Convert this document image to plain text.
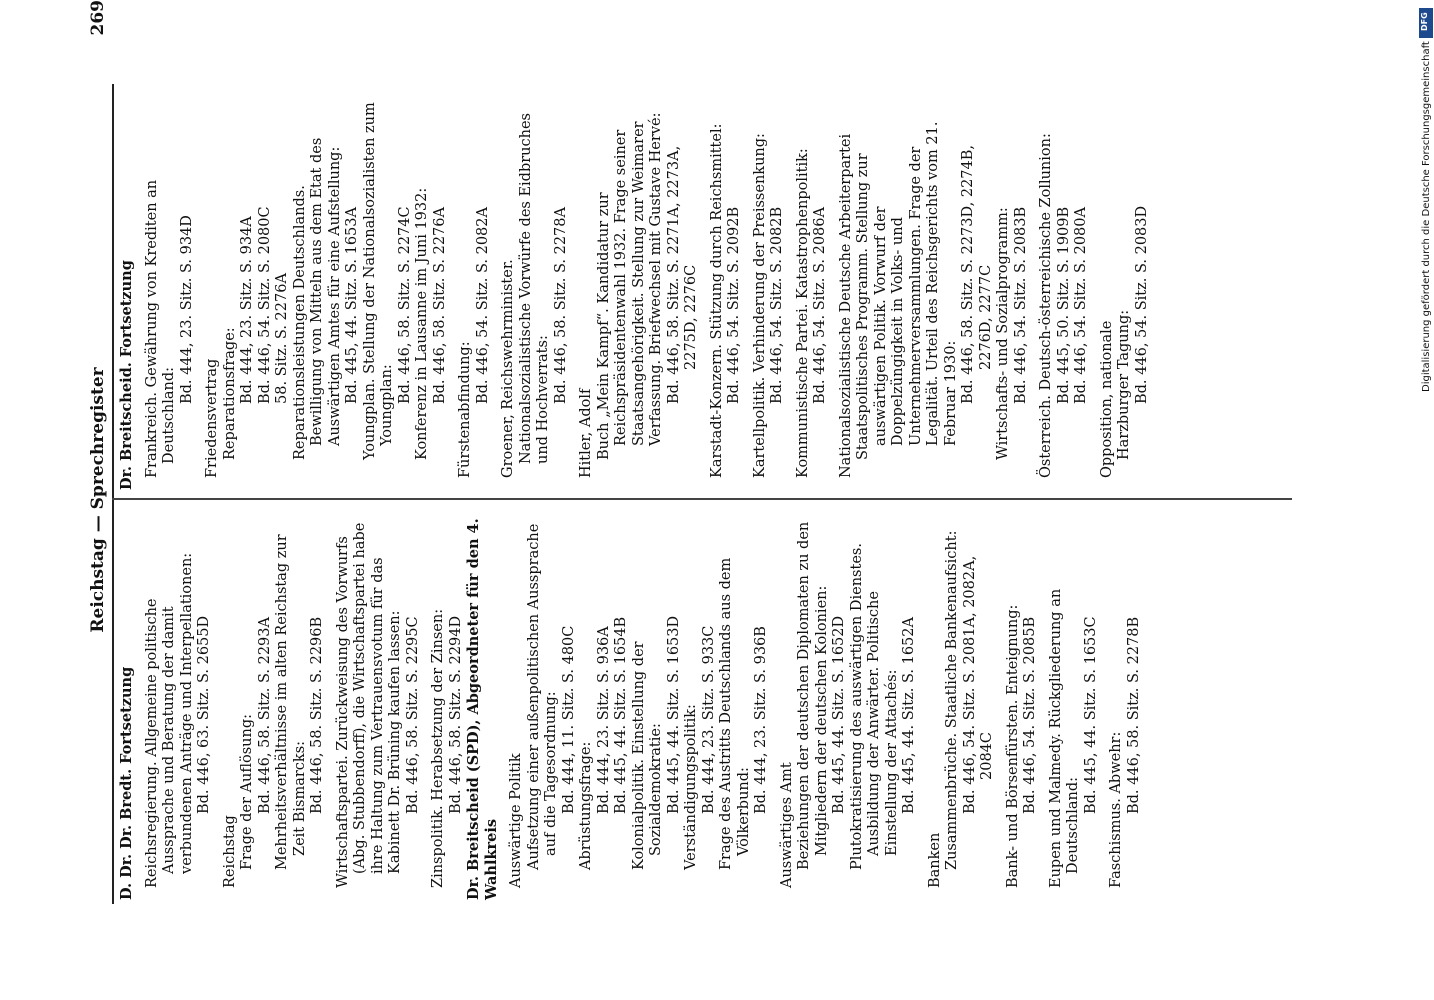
Reichstag — Sprechregister
269
D. Dr. Dr. Bredt. Fortsetzung Reichsregierung. Allgemeine politische Aussprache und Beratung der damit verbundenen Anträge und Interpellationen: Bd. 446, 63. Sitz. S. 2655D
Reichstag Frage der Auflösung: Bd. 446, 58. Sitz. S. 2293A Mehrheitsverhältnisse im alten Reichstag zur Zeit Bismarcks: Bd. 446, 58. Sitz. S. 2296B Wirtschaftspartei. Zurückweisung des Vorwurfs (Abg. Stubbendorff), die Wirtschaftspartei habe ihre Haltung zum Vertrauensvotum für das Kabinett Dr. Brüning kaufen lassen: Bd. 446, 58. Sitz. S. 2295C Zinspolitik. Herabsetzung der Zinsen: Bd. 446, 58. Sitz. S. 2294D Dr. Breitscheid (SPD), Abgeordneter für den 4. Wahlkreis Auswärtige Politik Aufsetzung einer außenpolitischen Aussprache auf die Tagesordnung: Bd. 444, 11. Sitz. S. 480C Abrüstungsfrage: Bd. 444, 23. Sitz. S. 936A Bd. 445, 44. Sitz. S. 1654B Kolonialpolitik. Einstellung der Sozialdemokratie: Bd. 445, 44. Sitz. S. 1653D Verständigungspolitik: Bd. 444, 23. Sitz. S. 933C Frage des Austritts Deutschlands aus dem Völkerbund: Bd. 444, 23. Sitz. S. 936B
Auswärtiges Amt Beziehungen der deutschen Diplomaten zu den Mitgliedern der deutschen Kolonien: Bd. 445, 44. Sitz. S. 1652D Plutokratisierung des auswärtigen Dienstes. Ausbildung der Anwärter. Politische Einstellung der Attachés: Bd. 445, 44. Sitz. S. 1652A
Banken Zusammenbrüche. Staatliche Bankenaufsicht: Bd. 446, 54. Sitz. S. 2081A, 2082A, 2084C Bank- und Börsenfürsten. Enteignung: Bd. 446, 54. Sitz. S. 2085B Eupen und Malmedy. Rückgliederung an Deutschland:
Bd. 445, 44. Sitz. S. 1653C Faschismus. Abwehr: Bd. 446, 58. Sitz. S. 2278B
Dr. Breitscheid. Fortsetzung Frankreich. Gewährung von Krediten an Deutschland:
Bd. 444, 23. Sitz. S. 934D
Friedensvertrag Reparationsfrage: Bd. 444, 23. Sitz. S. 934A Bd. 446, 54. Sitz. S. 2080C 58. Sitz. S. 2276A Reparationsleistungen Deutschlands. Bewilligung von Mitteln aus dem Etat des Auswärtigen Amtes für eine Aufstellung: Bd. 445, 44. Sitz. S. 1653A Youngplan. Stellung der Nationalsozialisten zum Youngplan:
Bd. 446, 58. Sitz. S. 2274C Konferenz in Lausanne im Juni 1932: Bd. 446, 58. Sitz. S. 2276A
Fürstenabfindung:
Bd. 446, 54. Sitz. S. 2082A Groener, Reichswehrminister. Nationalsozialistische Vorwürfe des Eidbruches und Hochverrats: Bd. 446, 58. Sitz. S. 2278A
Hitler, Adolf Buch „Mein Kampf“. Kandidatur zur Reichspräsidentenwahl 1932. Frage seiner Staatsangehörigkeit. Stellung zur Weimarer Verfassung. Briefwechsel mit Gustave Hervé: Bd. 446, 58. Sitz. S. 2271A, 2273A, 2275D, 2276C Karstadt-Konzern. Stützung durch Reichsmittel: Bd. 446, 54. Sitz. S. 2092B Kartellpolitik. Verhinderung der Preissenkung: Bd. 446, 54. Sitz. S. 2082B Kommunistische Partei. Katastrophenpolitik: Bd. 446, 54. Sitz. S. 2086A Nationalsozialistische Deutsche Arbeiterpartei Staatspolitisches Programm. Stellung zur auswärtigen Politik. Vorwurf der Doppelzüngigkeit in Volks- und Unternehmerversammlungen. Frage der Legalität. Urteil des Reichsgerichts vom 21. Februar 1930: Bd. 446, 58. Sitz. S. 2273D, 2274B, 2276D, 2277C Wirtschafts- und Sozialprogramm: Bd. 446, 54. Sitz. S. 2083B Österreich. Deutsch-österreichische Zollunion: Bd. 445, 50. Sitz. S. 1909B Bd. 446, 54. Sitz. S. 2080A Opposition, nationale Harzburger Tagung: Bd. 446, 54. Sitz. S. 2083D	Digitalisierung gefördert durch die Deutsche Forschungsgemeinschaft
DFG
